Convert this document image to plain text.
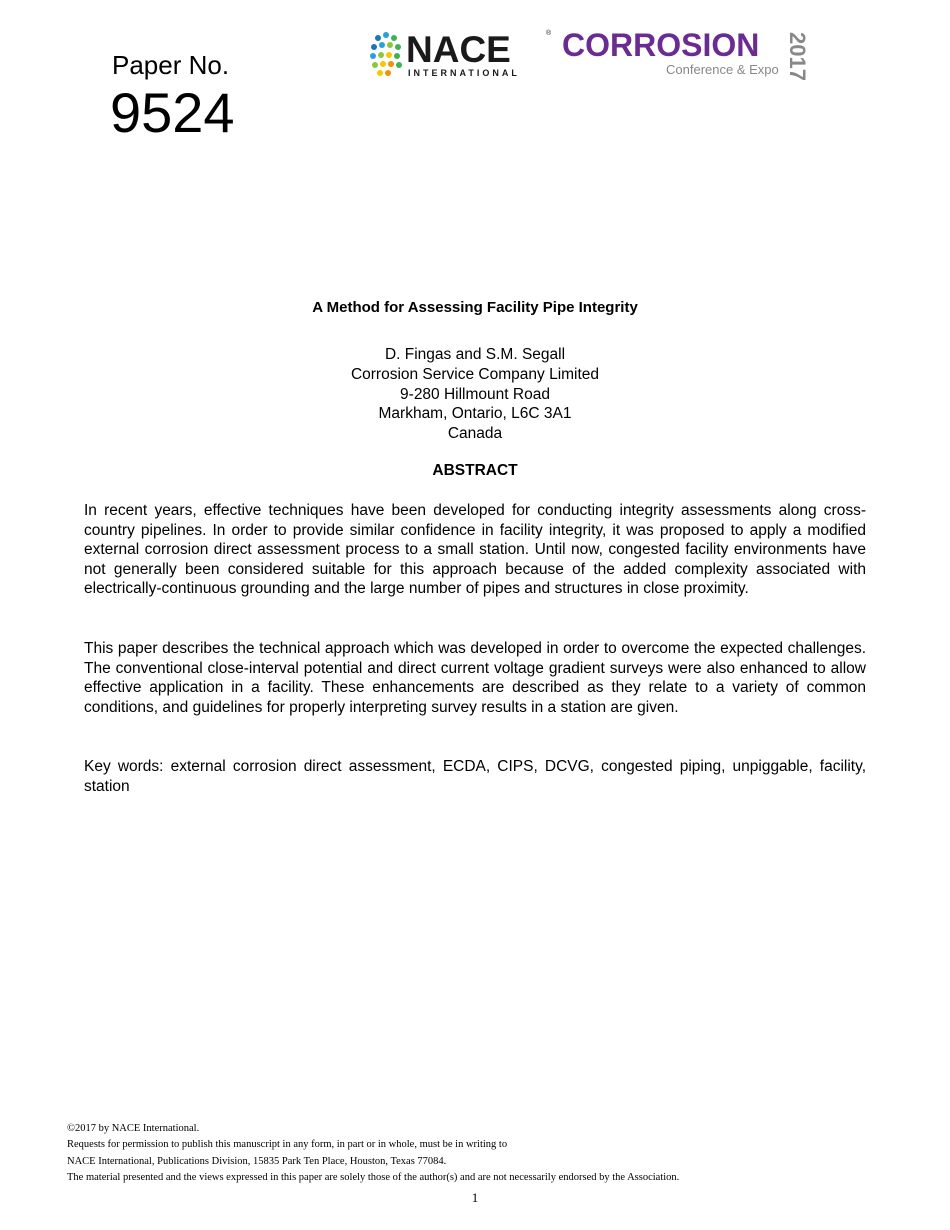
Paper No.
9524
NACE
INTERNATIONAL
® CORROSION
Conference & Expo 2017
A Method for Assessing Facility Pipe Integrity
D. Fingas and S.M. Segall
Corrosion Service Company Limited
9-280 Hillmount Road
Markham, Ontario, L6C 3A1
Canada
ABSTRACT
In recent years, effective techniques have been developed for conducting integrity assessments along cross-country pipelines. In order to provide similar confidence in facility integrity, it was proposed to apply a modified external corrosion direct assessment process to a small station. Until now, congested facility environments have not generally been considered suitable for this approach because of the added complexity associated with electrically-continuous grounding and the large number of pipes and structures in close proximity.
This paper describes the technical approach which was developed in order to overcome the expected challenges. The conventional close-interval potential and direct current voltage gradient surveys were also enhanced to allow effective application in a facility. These enhancements are described as they relate to a variety of common conditions, and guidelines for properly interpreting survey results in a station are given.
Key words: external corrosion direct assessment, ECDA, CIPS, DCVG, congested piping, unpiggable, facility, station
©2017 by NACE International.
Requests for permission to publish this manuscript in any form, in part or in whole, must be in writing to
NACE International, Publications Division, 15835 Park Ten Place, Houston, Texas 77084.
The material presented and the views expressed in this paper are solely those of the author(s) and are not necessarily endorsed by the Association.
1
